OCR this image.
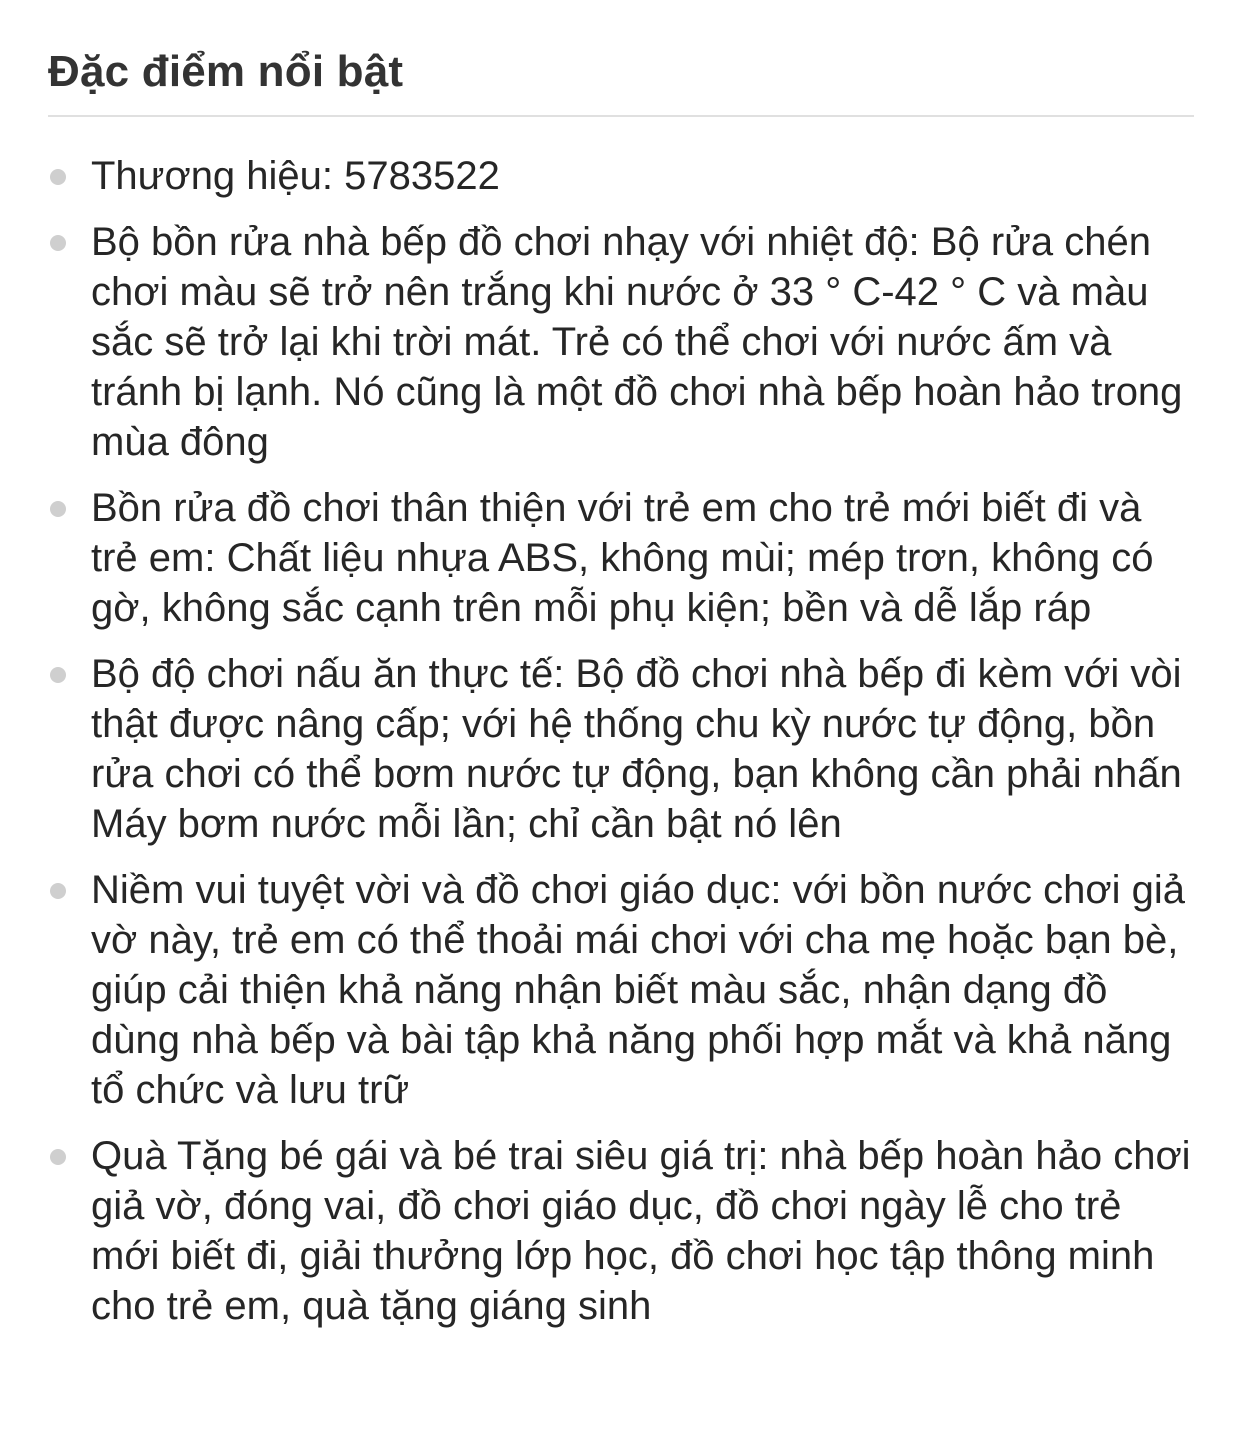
Đặc điểm nổi bật
Thương hiệu: 5783522
Bộ bồn rửa nhà bếp đồ chơi nhạy với nhiệt độ: Bộ rửa chén chơi màu sẽ trở nên trắng khi nước ở 33 ° C-42 ° C và màu sắc sẽ trở lại khi trời mát. Trẻ có thể chơi với nước ấm và tránh bị lạnh. Nó cũng là một đồ chơi nhà bếp hoàn hảo trong mùa đông
Bồn rửa đồ chơi thân thiện với trẻ em cho trẻ mới biết đi và trẻ em: Chất liệu nhựa ABS, không mùi; mép trơn, không có gờ, không sắc cạnh trên mỗi phụ kiện; bền và dễ lắp ráp
Bộ độ chơi nấu ăn thực tế: Bộ đồ chơi nhà bếp đi kèm với vòi thật được nâng cấp; với hệ thống chu kỳ nước tự động, bồn rửa chơi có thể bơm nước tự động, bạn không cần phải nhấn Máy bơm nước mỗi lần; chỉ cần bật nó lên
Niềm vui tuyệt vời và đồ chơi giáo dục: với bồn nước chơi giả vờ này, trẻ em có thể thoải mái chơi với cha mẹ hoặc bạn bè, giúp cải thiện khả năng nhận biết màu sắc, nhận dạng đồ dùng nhà bếp và bài tập khả năng phối hợp mắt và khả năng tổ chức và lưu trữ
Quà Tặng bé gái và bé trai siêu giá trị: nhà bếp hoàn hảo chơi giả vờ, đóng vai, đồ chơi giáo dục, đồ chơi ngày lễ cho trẻ mới biết đi, giải thưởng lớp học, đồ chơi học tập thông minh cho trẻ em, quà tặng giáng sinh
